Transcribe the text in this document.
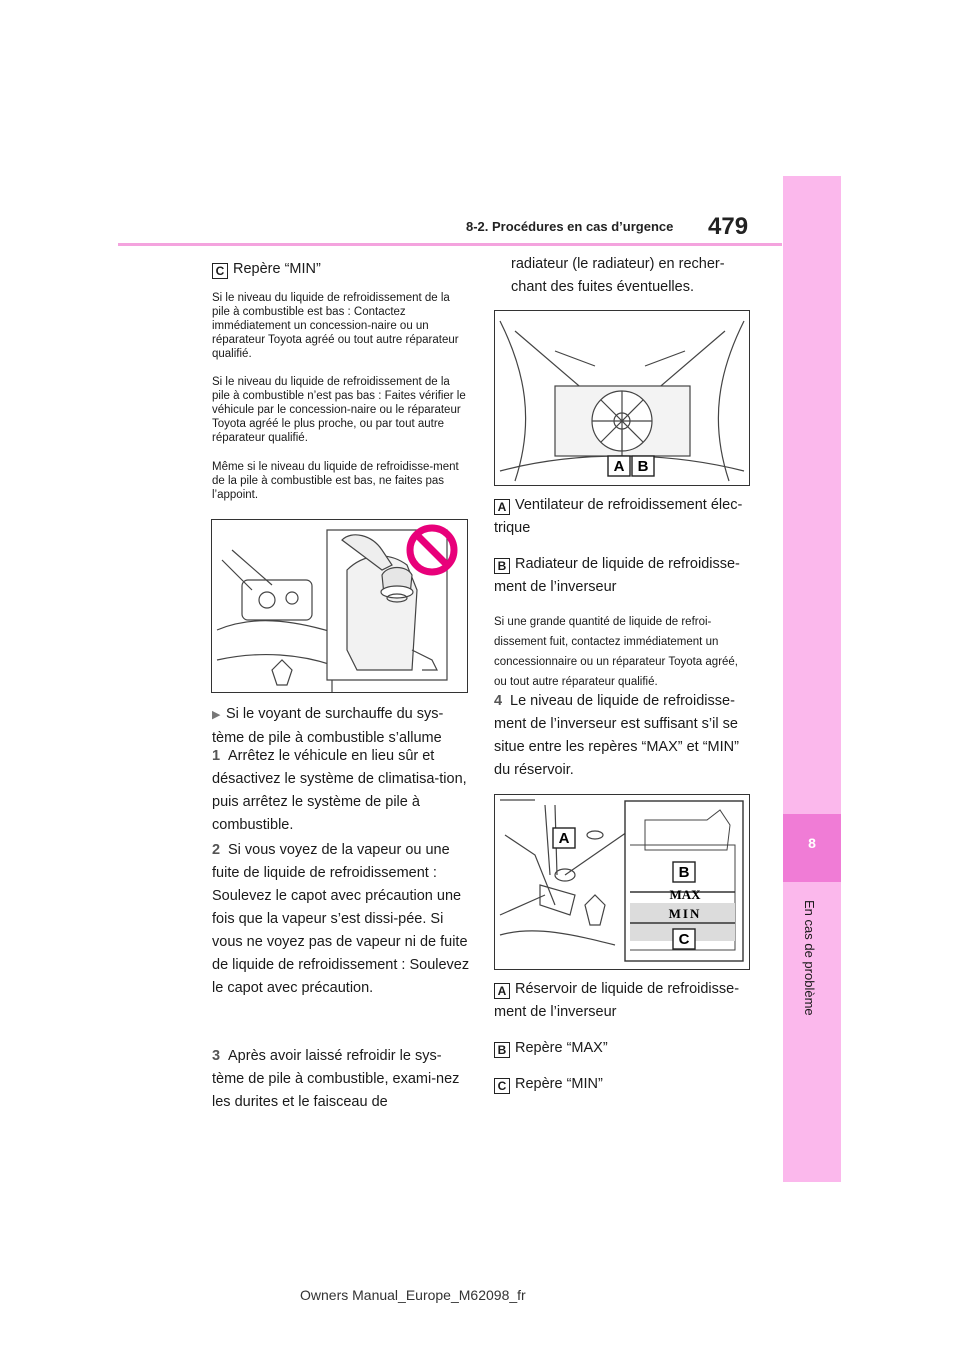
8-2. Procédures en cas d’urgence 479
8
En cas de problème
C Repère “MIN”
Si le niveau du liquide de refroidissement de la pile à combustible est bas : Contactez immédiatement un concession-naire ou un réparateur Toyota agréé ou tout autre réparateur qualifié.
Si le niveau du liquide de refroidissement de la pile à combustible n’est pas bas : Faites vérifier le véhicule par le concession-naire ou le réparateur Toyota agréé le plus proche, ou par tout autre réparateur qualifié.
Même si le niveau du liquide de refroidisse-ment de la pile à combustible est bas, ne faites pas l’appoint.
▶ Si le voyant de surchauffe du sys-tème de pile à combustible s’allume
1 Arrêtez le véhicule en lieu sûr et désactivez le système de climatisa-tion, puis arrêtez le système de pile à combustible.
2 Si vous voyez de la vapeur ou une fuite de liquide de refroidissement : Soulevez le capot avec précaution une fois que la vapeur s’est dissi-pée. Si vous ne voyez pas de vapeur ni de fuite de liquide de refroidissement : Soulevez le capot avec précaution.
3 Après avoir laissé refroidir le sys-tème de pile à combustible, exami-nez les durites et le faisceau de
radiateur (le radiateur) en recher-chant des fuites éventuelles.
A B
A Ventilateur de refroidissement élec-trique
B Radiateur de liquide de refroidisse-ment de l’inverseur
Si une grande quantité de liquide de refroi-dissement fuit, contactez immédiatement un concessionnaire ou un réparateur Toyota agréé, ou tout autre réparateur qualifié.
4 Le niveau de liquide de refroidisse-ment de l’inverseur est suffisant s’il se situe entre les repères “MAX” et “MIN” du réservoir.
A
B
MAX
MIN
C
A Réservoir de liquide de refroidisse-ment de l’inverseur
B Repère “MAX”
C Repère “MIN”
Owners Manual_Europe_M62098_fr
